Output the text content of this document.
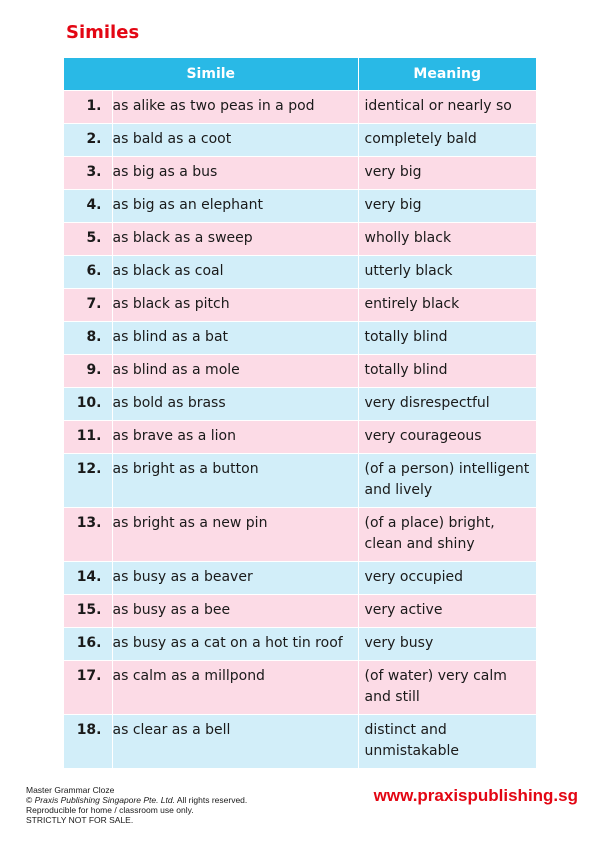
Similes
Simile		Meaning
1.	as alike as two peas in a pod	identical or nearly so
2.	as bald as a coot	completely bald
3.	as big as a bus	very big
4.	as big as an elephant	very big
5.	as black as a sweep	wholly black
6.	as black as coal	utterly black
7.	as black as pitch	entirely black
8.	as blind as a bat	totally blind
9.	as blind as a mole	totally blind
10.	as bold as brass	very disrespectful
11.	as brave as a lion	very courageous
12.	as bright as a button	(of a person) intelligent and lively
13.	as bright as a new pin	(of a place) bright, clean and shiny
14.	as busy as a beaver	very occupied
15.	as busy as a bee	very active
16.	as busy as a cat on a hot tin roof	very busy
17.	as calm as a millpond	(of water) very calm and still
18.	as clear as a bell	distinct and unmistakable
Master Grammar Cloze
© Praxis Publishing Singapore Pte. Ltd. All rights reserved.
Reproducible for home / classroom use only.
STRICTLY NOT FOR SALE.
www.praxispublishing.sg
